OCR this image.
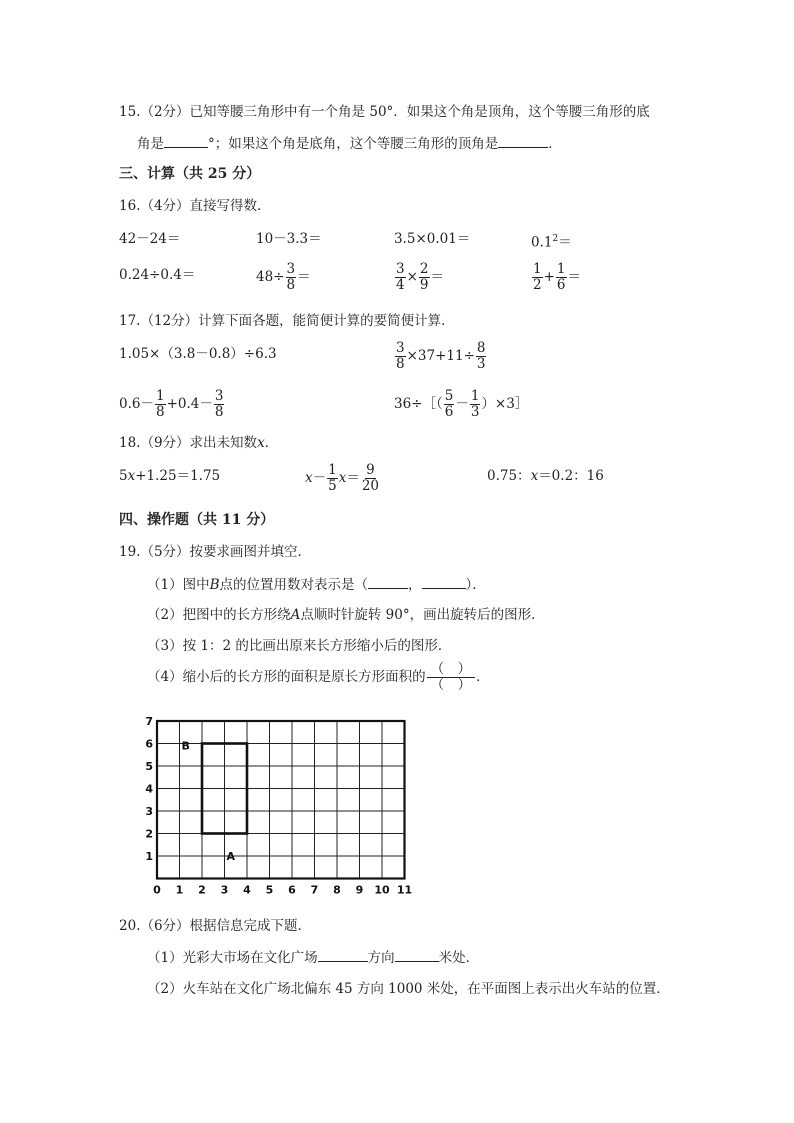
15.（2分）已知等腰三角形中有一个角是 50°．如果这个角是顶角，这个等腰三角形的底
角是	°；如果这个角是底角，这个等腰三角形的顶角是	．
三、计算（共 25 分）
16.（4分）直接写得数．
42－24＝	10－3.3＝	3.5×0.01＝	$0.1^2=$
0.24÷0.4＝	$48\div \frac{3}{8}$ ＝	$\frac{3}{4} \times \frac{2}{9}$ ＝	$\frac{1}{2} + \frac{1}{6}$ ＝
17.（12分）计算下面各题，能简便计算的要简便计算．
1.05×（3.8－0.8）÷6.3	$\frac{3}{8} \times 37+11\div \frac{8}{3}$
$0.6- \frac{1}{8} +0.4- \frac{3}{8}$	36÷［（ $\frac{5}{6} - \frac{1}{3}$ ）×3］
18.（9分）求出未知数x．
5x+1.25＝1.75	$x- \frac{1}{5} x= \frac{9}{20}$	0.75：x＝0.2：16
四、操作题（共 11 分）
19.（5分）按要求画图并填空．
（1）图中B点的位置用数对表示是（	，	）．
（2）把图中的长方形绕A点顺时针旋转 90°，画出旋转后的图形．
（3）按 1：2 的比画出原来长方形缩小后的图形．
（4）缩小后的长方形的面积是原长方形面积的 $\frac{( )}{( )}$ ．
0 1 2 3 4 5 6 7 8 9 10 11
1
2
3
4
5
6
7
B
A
20.（6分）根据信息完成下题．
（1）光彩大市场在文化广场	方向	米处．
（2）火车站在文化广场北偏东 45 方向 1000 米处，在平面图上表示出火车站的位置．
